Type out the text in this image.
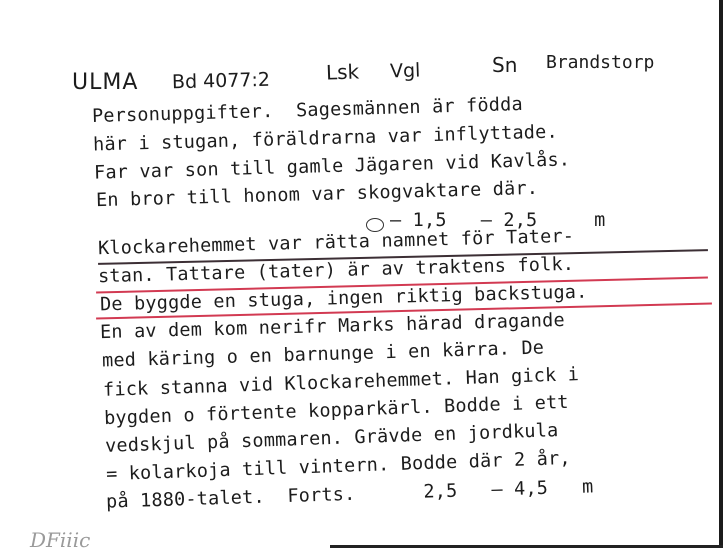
ULMA Bd 4077:2	Lsk Vgl	Sn Brandstorp
Personuppgifter.  Sagesmännen är födda
här i stugan, föräldrarna var inflyttade.
Far var son till gamle Jägaren vid Kavlås.
En bror till honom var skogvaktare där.
– 1,5   – 2,5     m
Klockarehemmet var rätta namnet för Tater-
stan. Tattare (tater) är av traktens folk.
De byggde en stuga, ingen riktig backstuga.
En av dem kom nerifr Marks härad dragande
med käring o en barnunge i en kärra. De
fick stanna vid Klockarehemmet. Han gick i
bygden o förtente kopparkärl. Bodde i ett
vedskjul på sommaren. Grävde en jordkula
= kolarkoja till vintern. Bodde där 2 år,
på 1880-talet.  Forts.      2,5   – 4,5   m
DFiiic
